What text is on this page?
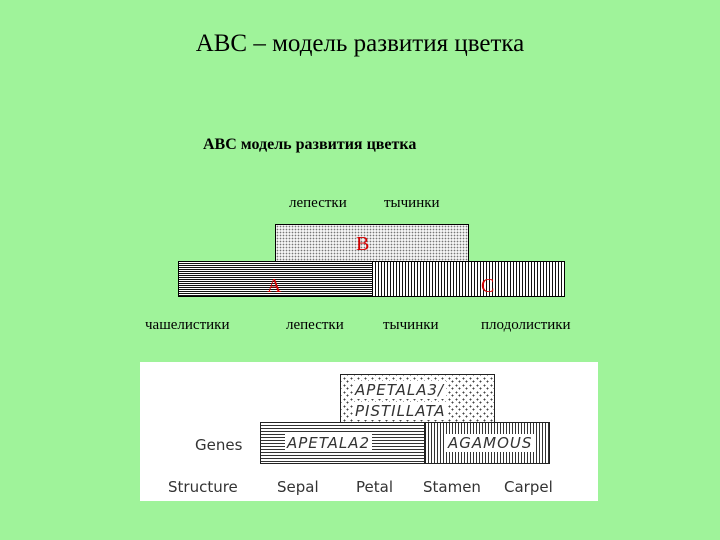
АВС – модель развития цветка
АВС модель развития цветка
лепестки тычинки
B
A	C
чашелистики	лепестки	тычинки	плодолистики
APETALA3/
PISTILLATA
APETALA2	AGAMOUS
Genes
Structure	Sepal Petal Stamen Carpel
